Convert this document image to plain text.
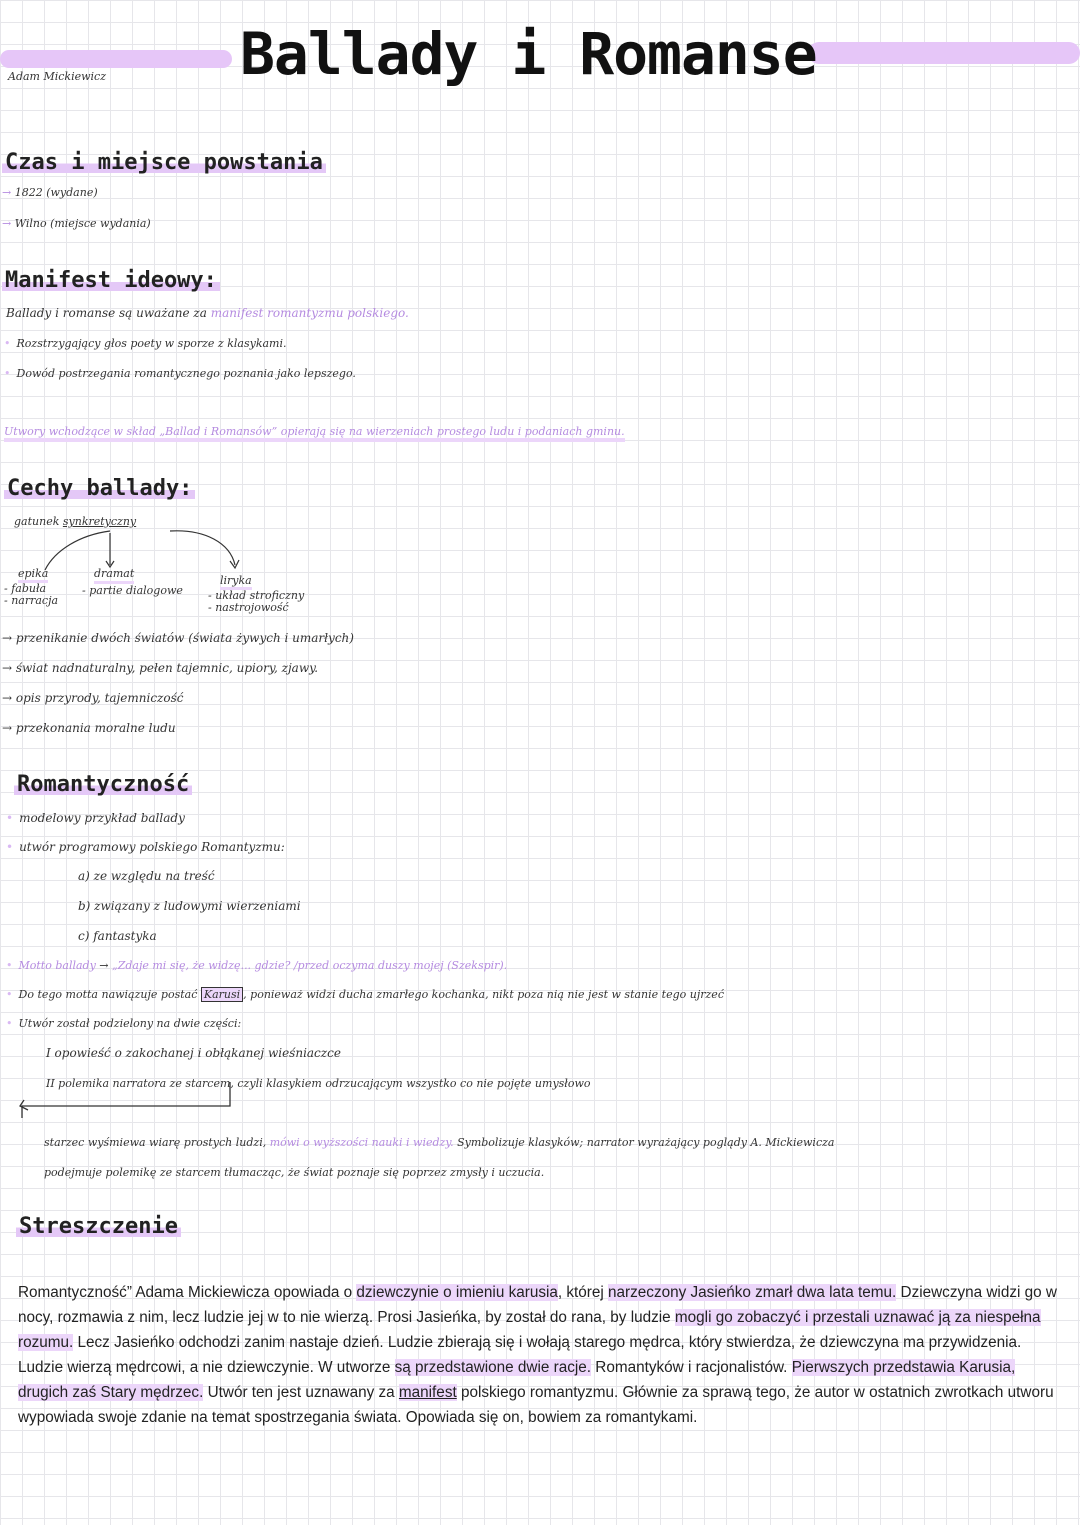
Adam Mickiewicz Ballady i Romanse
Czas i miejsce powstania
→ 1822 (wydane)
→ Wilno (miejsce wydania)
Manifest ideowy:
Ballady i romanse są uważane za manifest romantyzmu polskiego.
• Rozstrzygający głos poety w sporze z klasykami.
• Dowód postrzegania romantycznego poznania jako lepszego.
Utwory wchodzące w skład „Ballad i Romansów” opierają się na wierzeniach prostego ludu i podaniach gminu.
Cechy ballady:
gatunek synkretyczny
epika
- fabuła
- narracja
dramat
- partie dialogowe
liryka
- układ stroficzny
- nastrojowość
→ przenikanie dwóch światów (świata żywych i umarłych)
→ świat nadnaturalny, pełen tajemnic, upiory, zjawy.
→ opis przyrody, tajemniczość
→ przekonania moralne ludu
Romantyczność
• modelowy przykład ballady
• utwór programowy polskiego Romantyzmu:
a) ze względu na treść
b) związany z ludowymi wierzeniami
c) fantastyka
• Motto ballady → „Zdaje mi się, że widzę... gdzie? /przed oczyma duszy mojej (Szekspir).
• Do tego motta nawiązuje postać Karusi , ponieważ widzi ducha zmarłego kochanka, nikt poza nią nie jest w stanie tego ujrzeć
• Utwór został podzielony na dwie części:
I opowieść o zakochanej i obłąkanej wieśniaczce
II polemika narratora ze starcem, czyli klasykiem odrzucającym wszystko co nie pojęte umysłowo
starzec wyśmiewa wiarę prostych ludzi, mówi o wyższości nauki i wiedzy. Symbolizuje klasyków; narrator wyrażający poglądy A. Mickiewicza
podejmuje polemikę ze starcem tłumacząc, że świat poznaje się poprzez zmysły i uczucia.
Streszczenie
Romantyczność” Adama Mickiewicza opowiada o dziewczynie o imieniu karusia, której narzeczony Jasieńko zmarł dwa lata temu. Dziewczyna widzi go w nocy, rozmawia z nim, lecz ludzie jej w to nie wierzą. Prosi Jasieńka, by został do rana, by ludzie mogli go zobaczyć i przestali uznawać ją za niespełna rozumu. Lecz Jasieńko odchodzi zanim nastaje dzień. Ludzie zbierają się i wołają starego mędrca, który stwierdza, że dziewczyna ma przywidzenia. Ludzie wierzą mędrcowi, a nie dziewczynie. W utworze są przedstawione dwie racje. Romantyków i racjonalistów. Pierwszych przedstawia Karusia, drugich zaś Stary mędrzec. Utwór ten jest uznawany za manifest polskiego romantyzmu. Głównie za sprawą tego, że autor w ostatnich zwrotkach utworu wypowiada swoje zdanie na temat spostrzegania świata. Opowiada się on, bowiem za romantykami.
